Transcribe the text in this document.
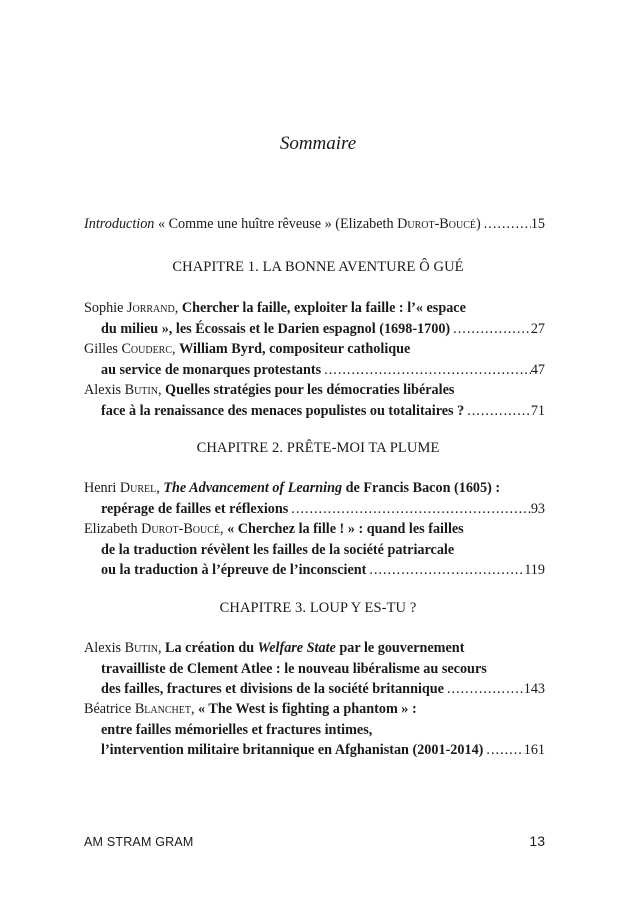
Sommaire
Introduction « Comme une huître rêveuse » (Elizabeth Durot-Boucé) .....	15
CHAPITRE 1. LA BONNE AVENTURE Ô GUÉ
Sophie Jorrand, Chercher la faille, exploiter la faille : l’« espace
du milieu », les Écossais et le Darien espagnol (1698-1700) .....	27
Gilles Couderc, William Byrd, compositeur catholique
au service de monarques protestants .....	47
Alexis Butin, Quelles stratégies pour les démocraties libérales
face à la renaissance des menaces populistes ou totalitaires ? .....	71
CHAPITRE 2. PRÊTE-MOI TA PLUME
Henri Durel, The Advancement of Learning de Francis Bacon (1605) :
repérage de failles et réflexions .....	93
Elizabeth Durot-Boucé, « Cherchez la fille ! » : quand les failles
de la traduction révèlent les failles de la société patriarcale
ou la traduction à l’épreuve de l’inconscient .....	119
CHAPITRE 3. LOUP Y ES-TU ?
Alexis Butin, La création du Welfare State par le gouvernement
travailliste de Clement Atlee : le nouveau libéralisme au secours
des failles, fractures et divisions de la société britannique .....	143
Béatrice Blanchet, « The West is fighting a phantom » :
entre failles mémorielles et fractures intimes,
l’intervention militaire britannique en Afghanistan (2001-2014) .....	161
AM STRAM GRAM	13
